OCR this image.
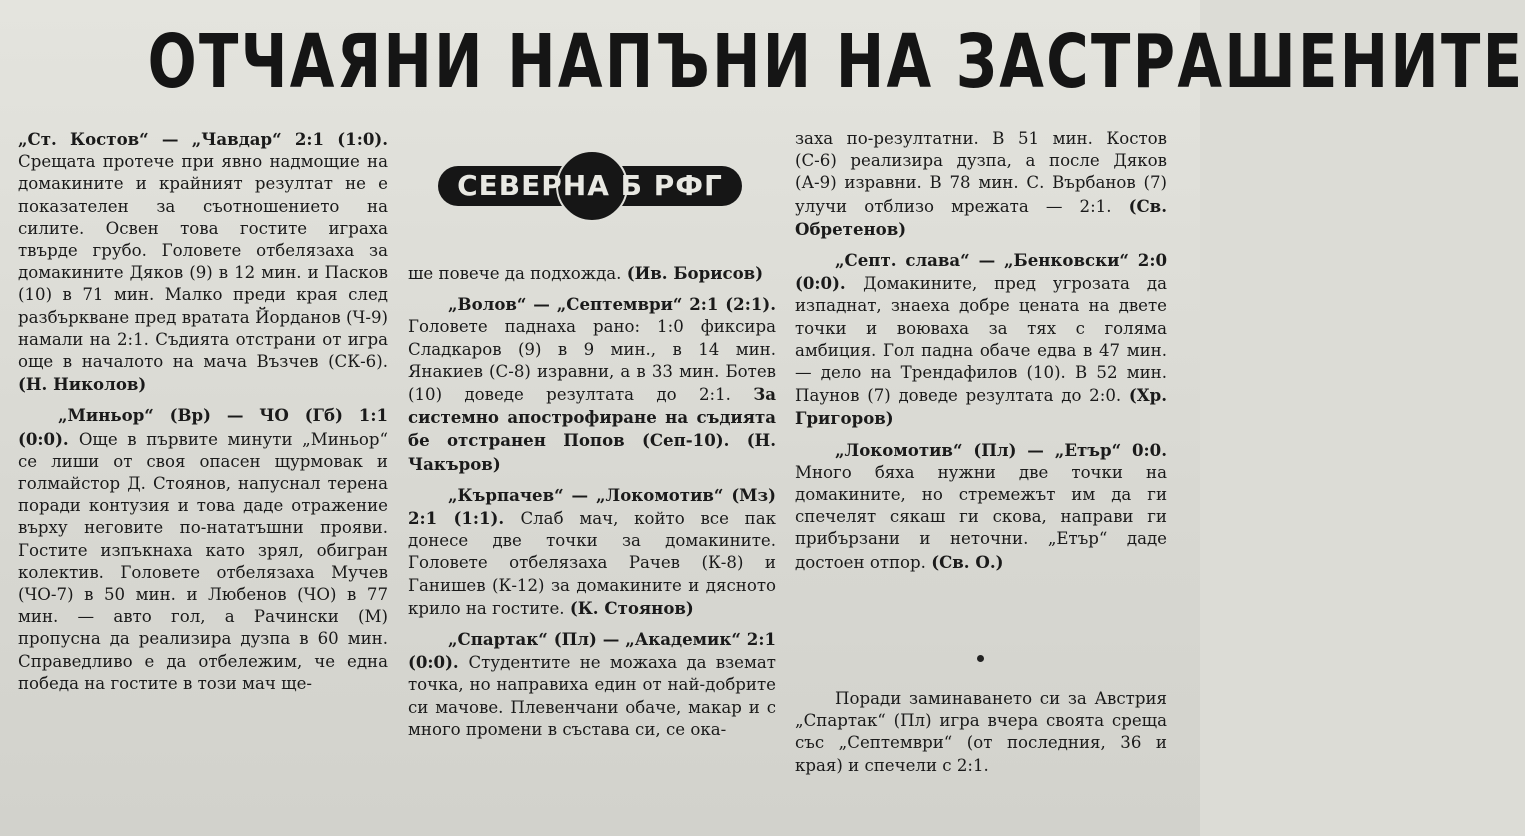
ОТЧАЯНИ НАПЪНИ НА ЗАСТРАШЕНИТЕ
СЕВЕРНА Б РФГ

„Ст. Костов“ — „Чавдар“ 2:1 (1:0). Срещата протече при явно надмощие на домакините и крайният резултат не е показателен за съотношението на силите. Освен това гостите играха твърде грубо. Головете отбелязаха за домакините Дяков (9) в 12 мин. и Пасков (10) в 71 мин. Малко преди края след разбъркване пред вратата Йорданов (Ч-9) намали на 2:1. Съдията отстрани от игра още в началото на мача Възчев (СК-6). (Н. Николов)

„Миньор“ (Вр) — ЧО (Гб) 1:1 (0:0). Още в първите минути „Миньор“ се лиши от своя опасен щурмовак и голмайстор Д. Стоянов, напуснал терена поради контузия и това даде отражение върху неговите по-нататъшни прояви. Гостите изпъкнаха като зрял, обигран колектив. Головете отбелязаха Мучев (ЧО-7) в 50 мин. и Любенов (ЧО) в 77 мин. — авто гол, а Рачински (М) пропусна да реализира дузпа в 60 мин. Справедливо е да отбележим, че една победа на гостите в този мач ще-

ше повече да подхожда. (Ив. Борисов)

„Волов“ — „Септември“ 2:1 (2:1). Головете паднаха рано: 1:0 фиксира Сладкаров (9) в 9 мин., в 14 мин. Янакиев (С-8) изравни, а в 33 мин. Ботев (10) доведе резултата до 2:1. За системно апострофиране на съдията бе отстранен Попов (Сеп-10). (Н. Чакъров)

„Кърпачев“ — „Локомотив“ (Мз) 2:1 (1:1). Слаб мач, който все пак донесе две точки за домакините. Головете отбелязаха Рачев (К-8) и Ганишев (К-12) за домакините и дясното крило на гостите. (К. Стоянов)

„Спартак“ (Пл) — „Академик“ 2:1 (0:0). Студентите не можаха да вземат точка, но направиха един от най-добрите си мачове. Плевенчани обаче, макар и с много промени в състава си, се ока-

заха по-резултатни. В 51 мин. Костов (С-6) реализира дузпа, а после Дяков (А-9) изравни. В 78 мин. С. Върбанов (7) улучи отблизо мрежата — 2:1. (Св. Обретенов)

„Септ. слава“ — „Бенковски“ 2:0 (0:0). Домакините, пред угрозата да изпаднат, знаеха добре цената на двете точки и воюваха за тях с голяма амбиция. Гол падна обаче едва в 47 мин. — дело на Трендафилов (10). В 52 мин. Паунов (7) доведе резултата до 2:0. (Хр. Григоров)

„Локомотив“ (Пл) — „Етър“ 0:0. Много бяха нужни две точки на домакините, но стремежът им да ги спечелят сякаш ги скова, направи ги прибързани и неточни. „Етър“ даде достоен отпор. (Св. О.)

Поради заминаването си за Австрия „Спартак“ (Пл) игра вчера своята среща със „Септември“ (от последния, 36 и края) и спечели с 2:1.
